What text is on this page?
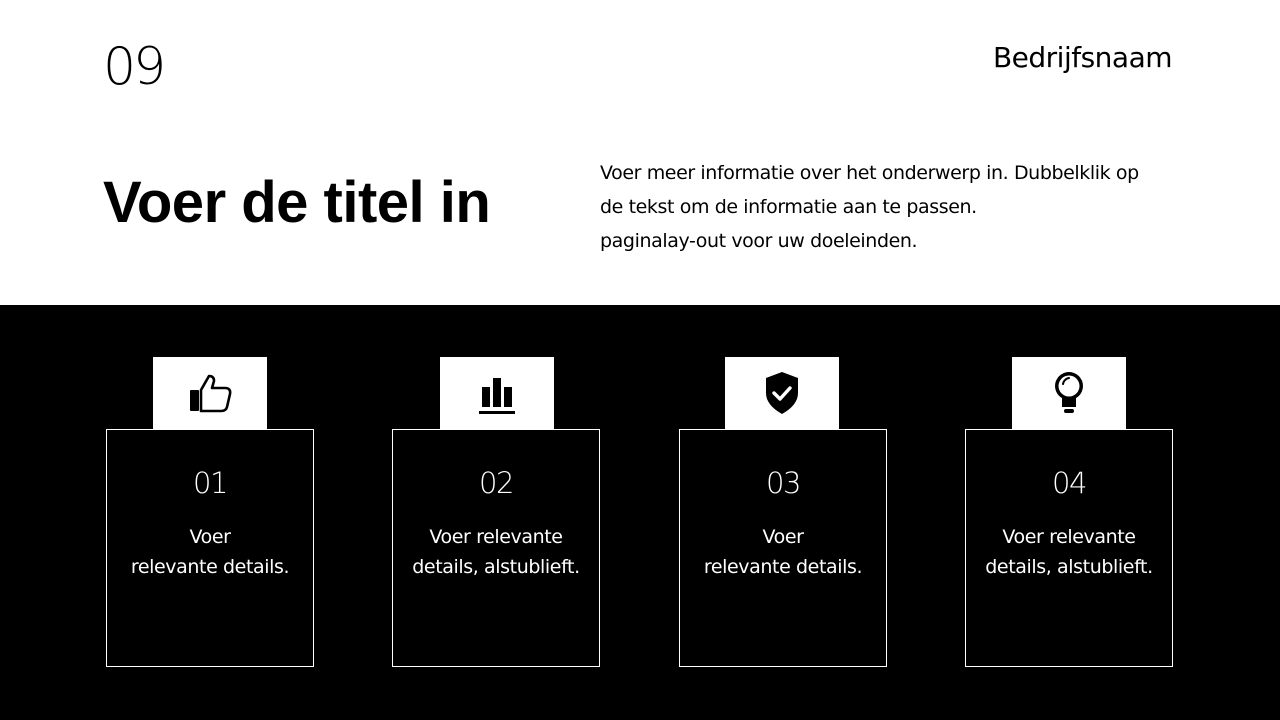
09	Bedrijfsnaam
Voer de titel in	Voer meer informatie over het onderwerp in. Dubbelklik op
de tekst om de informatie aan te passen.
paginalay-out voor uw doeleinden.
01
Voer
relevante details.
02
Voer relevante
details, alstublieft.
03
Voer
relevante details.
04
Voer relevante
details, alstublieft.
